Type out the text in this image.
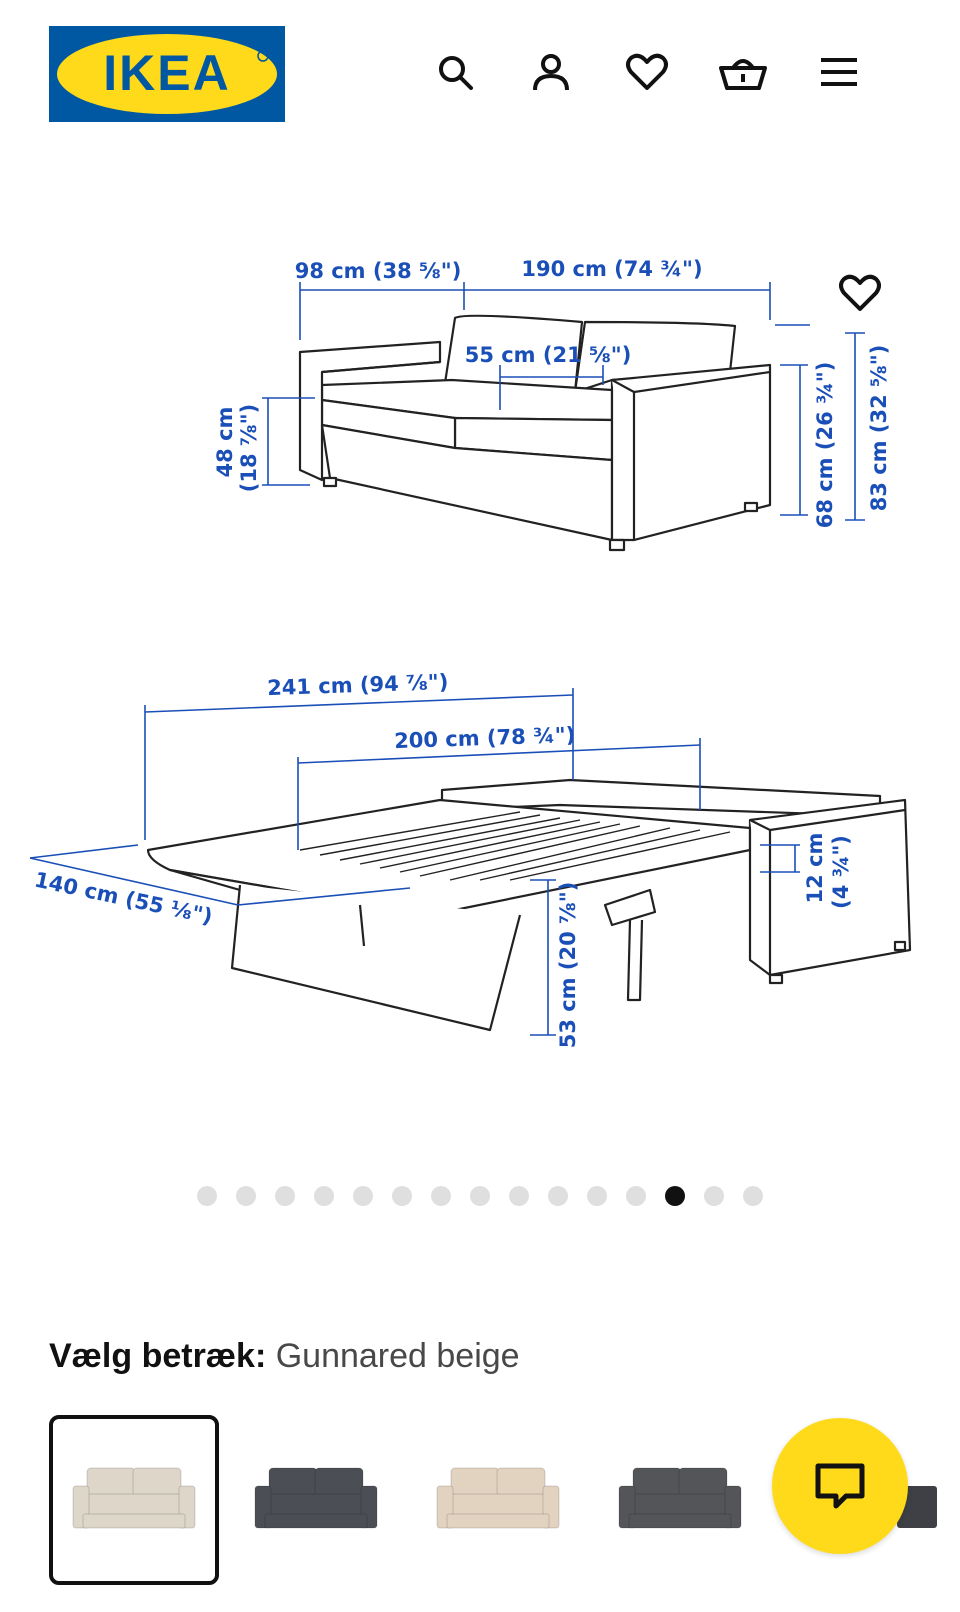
IKEA
98 cm (38 ⅝")	190 cm (74 ¾")
55 cm (21 ⅝")
48 cm (18 ⅞")	68 cm (26 ¾") 83 cm (32 ⅝")
241 cm (94 ⅞")
200 cm (78 ¾")
140 cm (55 ⅛")	53 cm (20 ⅞")
12 cm (4 ¾")
Vælg betræk: Gunnared beige
